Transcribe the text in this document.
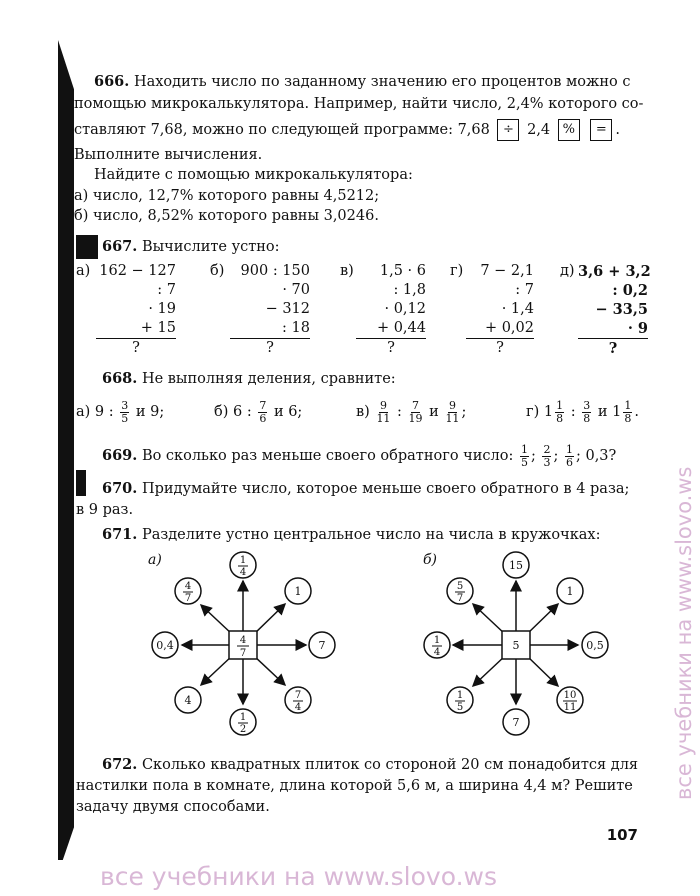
666. Находить число по заданному значению его процентов можно с
помощью микрокалькулятора. Например, найти число, 2,4% которого со-
ставляют 7,68, можно по следующей программе: 7,68 ÷ 2,4 % = .
Выполните вычисления.
Найдите с помощью микрокалькулятора:
а) число, 12,7% которого равны 4,5212;
б) число, 8,52% которого равны 3,0246.
667. Вычислите устно:
а) 162 − 127
: 7
· 19
+ 15
?
б)	900 : 150
· 70
− 312
: 18
?
в)	1,5 · 6
: 1,8
· 0,12
+ 0,44
?
г)	7 − 2,1
: 7
· 1,4
+ 0,02
?
д) 3,6 + 3,2
: 0,2
− 33,5
· 9
?
668. Не выполняя деления, сравните:
а) 9 : $\frac{3}{5}$ и 9;	б) 6 : $\frac{7}{6}$ и 6;	$в) \frac{9}{11}$ : $\frac{7}{19}$ и $\frac{9}{11}$ ;	г) $1 \frac{1}{8}$ : $\frac{3}{8}$ и $1 \frac{1}{8}$ .
669. Во сколько раз меньше своего обратного число: $\frac{1}{5}$ ; $\frac{2}{3}$ ; $\frac{1}{6}$ ; 0,3?
670. Придумайте число, которое меньше своего обратного в 4 раза;
в 9 раз.
671. Разделите устно центральное число на числа в кружочках:
а)
4
7
1
4
4
7
1
0,4	7
4
1
2
7
4
б)
5
15
5
7
1
1
4
0,5
1
5
7
10
11
672. Сколько квадратных плиток со стороной 20 см понадобится для
настилки пола в комнате, длина которой 5,6 м, а ширина 4,4 м? Решите
задачу двумя способами.
107
все учебники на www.slovo.ws
все учебники на www.slovo.ws
